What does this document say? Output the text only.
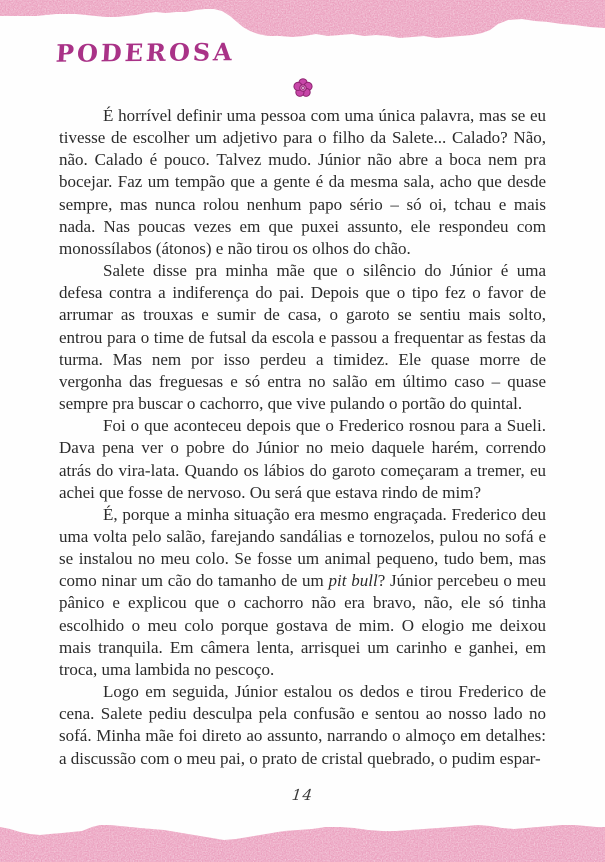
PODEROSA

É horrível definir uma pessoa com uma única palavra, mas se eu tivesse de escolher um adjetivo para o filho da Salete... Calado? Não, não. Calado é pouco. Talvez mudo. Júnior não abre a boca nem pra bocejar. Faz um tempão que a gente é da mesma sala, acho que desde sempre, mas nunca rolou nenhum papo sério – só oi, tchau e mais nada. Nas poucas vezes em que puxei assunto, ele respondeu com monossílabos (átonos) e não tirou os olhos do chão.

Salete disse pra minha mãe que o silêncio do Júnior é uma defesa contra a indiferença do pai. Depois que o tipo fez o favor de arrumar as trouxas e sumir de casa, o garoto se sentiu mais solto, entrou para o time de futsal da escola e passou a frequentar as festas da turma. Mas nem por isso perdeu a timidez. Ele quase morre de vergonha das freguesas e só entra no salão em último caso – quase sempre pra buscar o cachorro, que vive pulando o portão do quintal.

Foi o que aconteceu depois que o Frederico rosnou para a Sueli. Dava pena ver o pobre do Júnior no meio daquele harém, correndo atrás do vira-lata. Quando os lábios do garoto começaram a tremer, eu achei que fosse de nervoso. Ou será que estava rindo de mim?

É, porque a minha situação era mesmo engraçada. Frederico deu uma volta pelo salão, farejando sandálias e tornozelos, pulou no sofá e se instalou no meu colo. Se fosse um animal pequeno, tudo bem, mas como ninar um cão do tamanho de um pit bull? Júnior percebeu o meu pânico e explicou que o cachorro não era bravo, não, ele só tinha escolhido o meu colo porque gostava de mim. O elogio me deixou mais tranquila. Em câmera lenta, arrisquei um carinho e ganhei, em troca, uma lambida no pescoço.

Logo em seguida, Júnior estalou os dedos e tirou Frederico de cena. Salete pediu desculpa pela confusão e sentou ao nosso lado no sofá. Minha mãe foi direto ao assunto, narrando o almoço em detalhes: a discussão com o meu pai, o prato de cristal quebrado, o pudim espar-

14
